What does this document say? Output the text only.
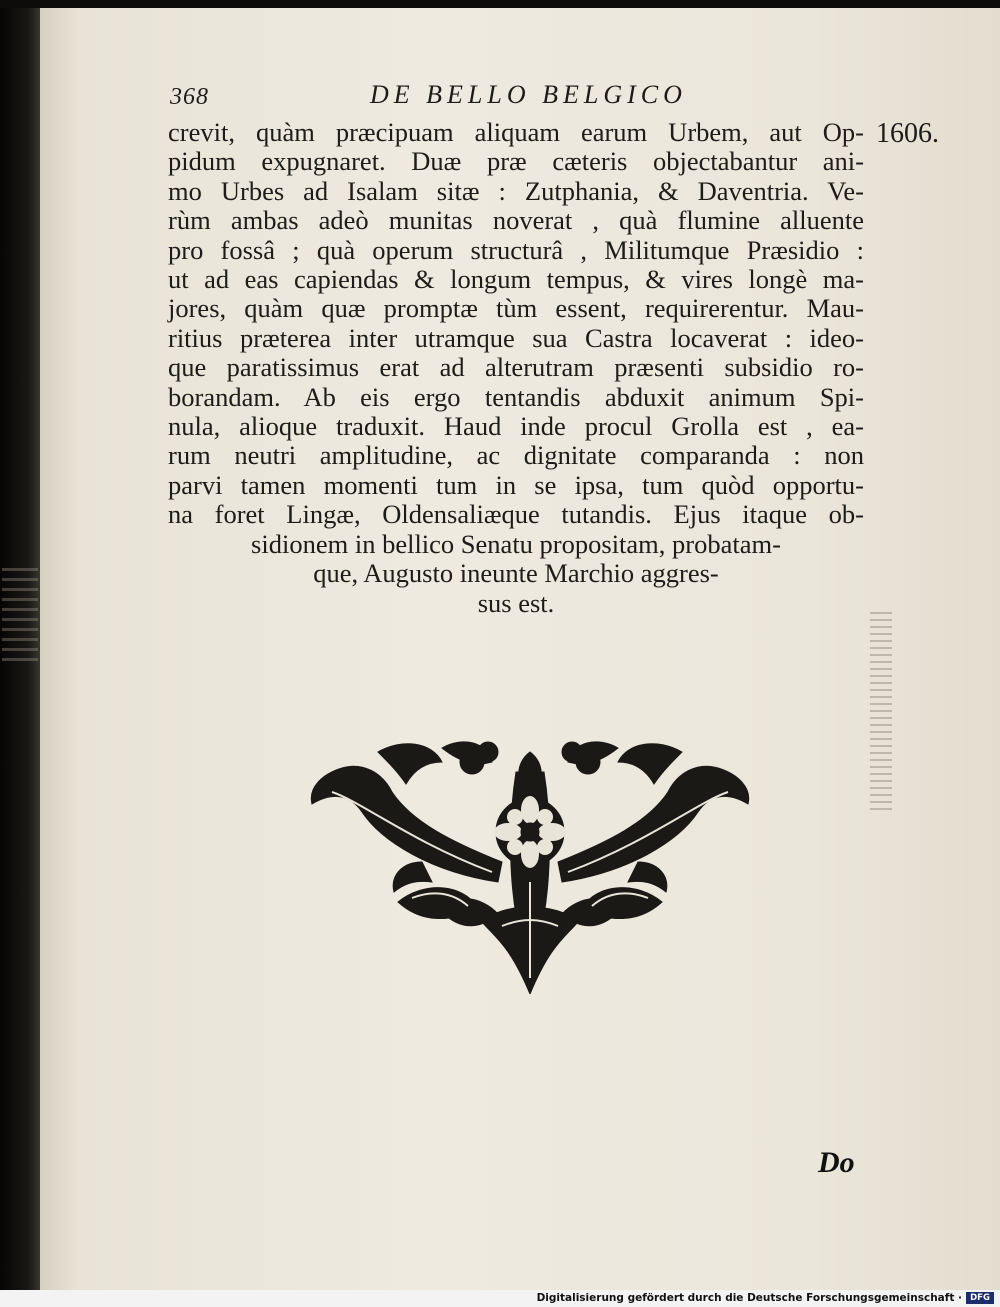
368	DE BELLO BELGICO
1606.
crevit, quàm præcipuam aliquam earum Urbem, aut Op-
pidum expugnaret. Duæ præ cæteris objectabantur ani-
mo Urbes ad Isalam sitæ : Zutphania, & Daventria. Ve-
rùm ambas adeò munitas noverat , quà flumine alluente
pro fossâ ; quà operum structurâ , Militumque Præsidio :
ut ad eas capiendas & longum tempus, & vires longè ma-
jores, quàm quæ promptæ tùm essent, requirerentur. Mau-
ritius præterea inter utramque sua Castra locaverat : ideo-
que paratissimus erat ad alterutram præsenti subsidio ro-
borandam. Ab eis ergo tentandis abduxit animum Spi-
nula, alioque traduxit. Haud inde procul Grolla est , ea-
rum neutri amplitudine, ac dignitate comparanda : non
parvi tamen momenti tum in se ipsa, tum quòd opportu-
na foret Lingæ, Oldensaliæque tutandis. Ejus itaque ob-
sidionem in bellico Senatu propositam, probatam-
que, Augusto ineunte Marchio aggres-
sus est.
Do
Digitalisierung gefördert durch die Deutsche Forschungsgemeinschaft · DFG
